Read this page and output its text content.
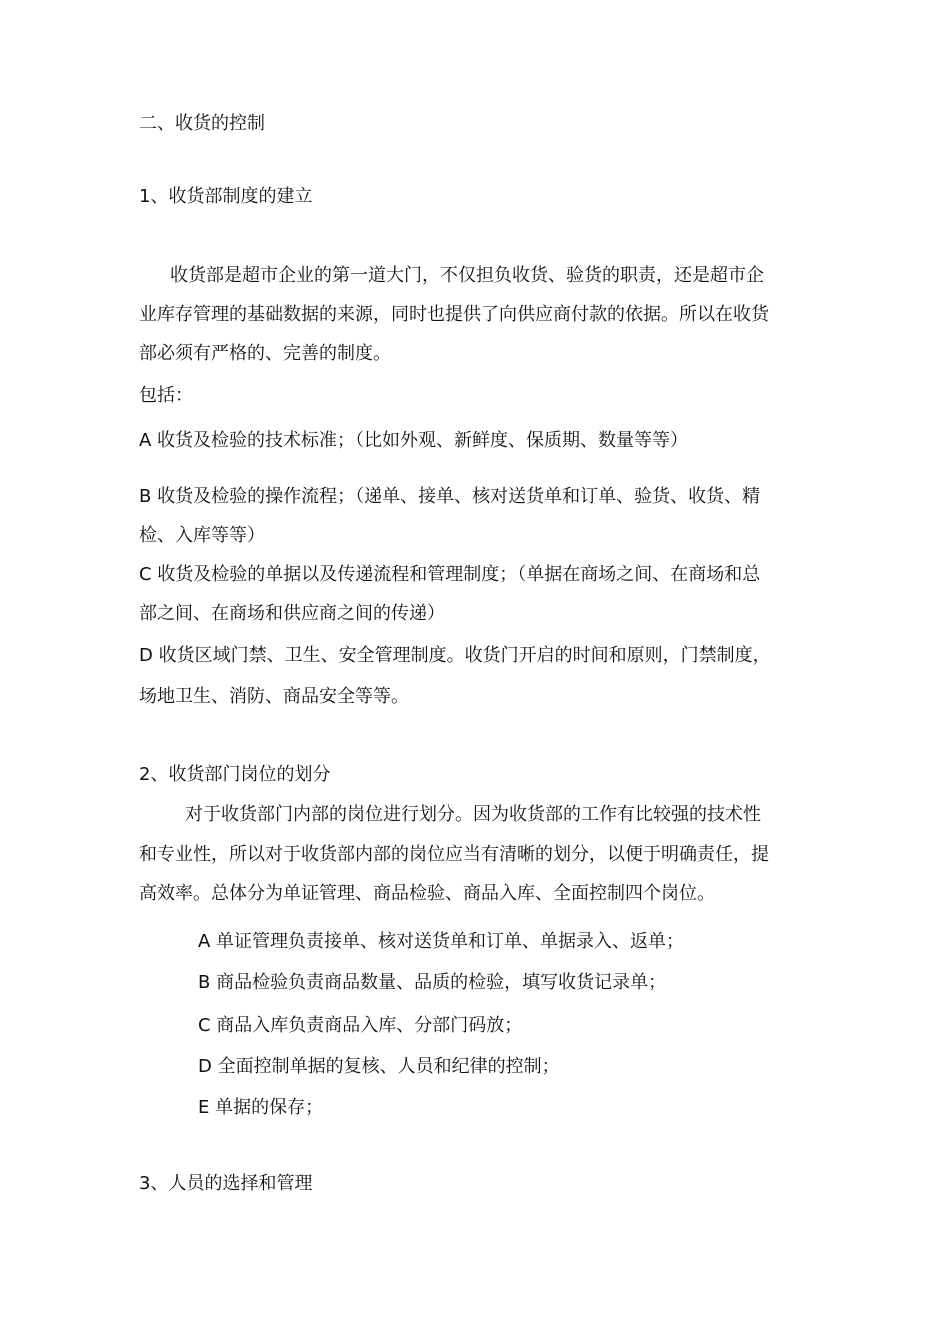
二、收货的控制
1、收货部制度的建立
收货部是超市企业的第一道大门，不仅担负收货、验货的职责，还是超市企
业库存管理的基础数据的来源，同时也提供了向供应商付款的依据。所以在收货
部必须有严格的、完善的制度。
包括：
A 收货及检验的技术标准；（比如外观、新鲜度、保质期、数量等等）
B 收货及检验的操作流程；（递单、接单、核对送货单和订单、验货、收货、精
检、入库等等）
C 收货及检验的单据以及传递流程和管理制度；（单据在商场之间、在商场和总
部之间、在商场和供应商之间的传递）
D 收货区域门禁、卫生、安全管理制度。收货门开启的时间和原则，门禁制度，
场地卫生、消防、商品安全等等。
2、收货部门岗位的划分
对于收货部门内部的岗位进行划分。因为收货部的工作有比较强的技术性
和专业性，所以对于收货部内部的岗位应当有清晰的划分，以便于明确责任，提
高效率。总体分为单证管理、商品检验、商品入库、全面控制四个岗位。
A 单证管理负责接单、核对送货单和订单、单据录入、返单；
B 商品检验负责商品数量、品质的检验，填写收货记录单；
C 商品入库负责商品入库、分部门码放；
D 全面控制单据的复核、人员和纪律的控制；
E 单据的保存；
3、人员的选择和管理
